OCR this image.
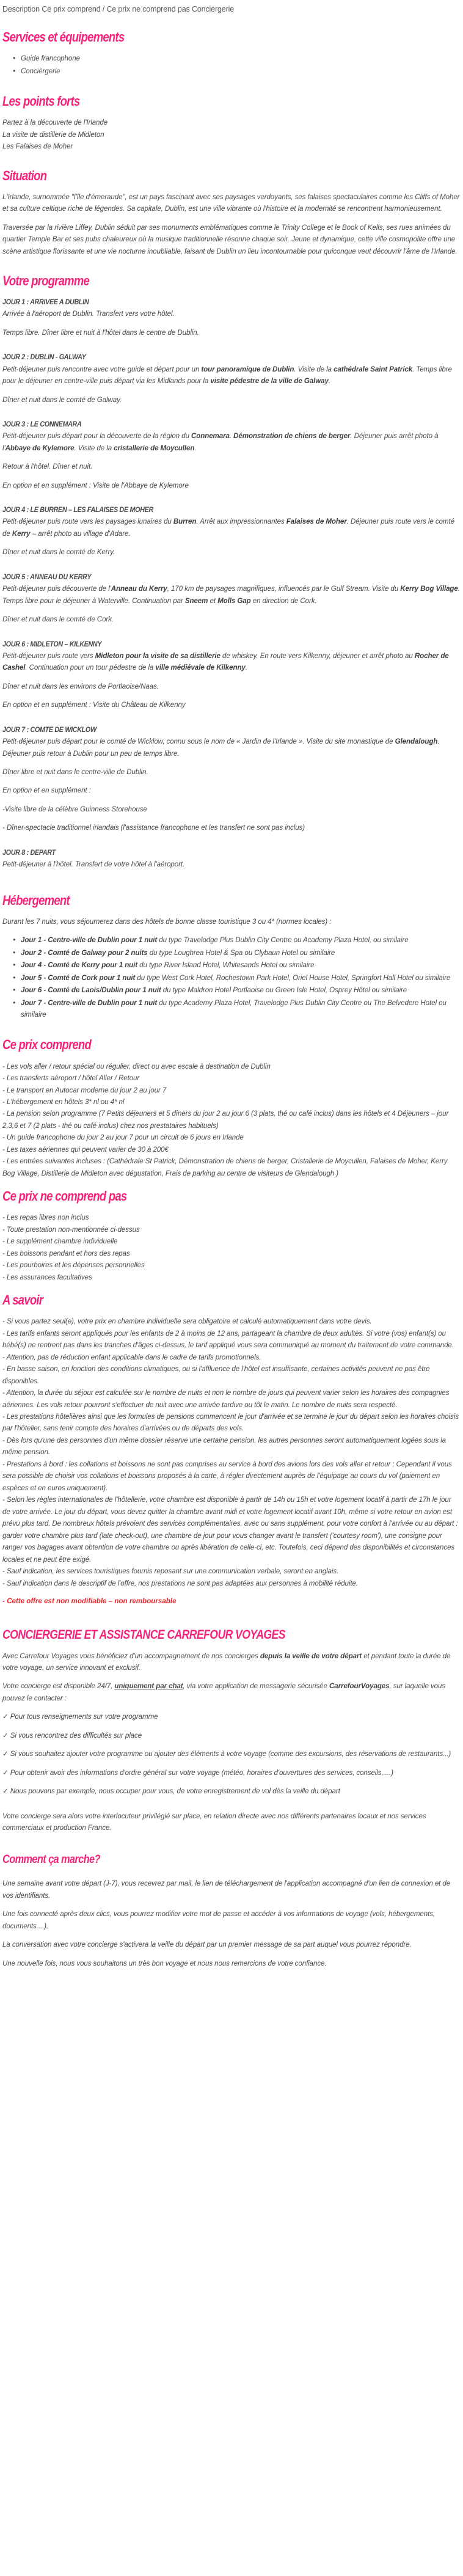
Description Ce prix comprend / Ce prix ne comprend pas Conciergerie
Services et équipements
• Guide francophone
• Concièrgerie
Les points forts

Partez à la découverte de l'Irlande

La visite de distillerie de Midleton

Les Falaises de Moher

Situation

L'Irlande, surnommée "l'île d'émeraude", est un pays fascinant avec ses paysages verdoyants, ses falaises spectaculaires comme les Cliffs of Moher et sa culture celtique riche de légendes. Sa capitale, Dublin, est une ville vibrante où l'histoire et la modernité se rencontrent harmonieusement.

Traversée par la rivière Liffey, Dublin séduit par ses monuments emblématiques comme le Trinity College et le Book of Kells, ses rues animées du quartier Temple Bar et ses pubs chaleureux où la musique traditionnelle résonne chaque soir. Jeune et dynamique, cette ville cosmopolite offre une scène artistique florissante et une vie nocturne inoubliable, faisant de Dublin un lieu incontournable pour quiconque veut découvrir l'âme de l'Irlande.

Votre programme
JOUR 1 : ARRIVEE A DUBLIN

Arrivée à l'aéroport de Dublin. Transfert vers votre hôtel.

Temps libre. Dîner libre et nuit à l'hôtel dans le centre de Dublin.

JOUR 2 : DUBLIN - GALWAY

Petit-déjeuner puis rencontre avec votre guide et départ pour un tour panoramique de Dublin. Visite de la cathédrale Saint Patrick. Temps libre pour le déjeuner en centre-ville puis départ via les Midlands pour la visite pédestre de la ville de Galway.

Dîner et nuit dans le comté de Galway.

JOUR 3 : LE CONNEMARA

Petit-déjeuner puis départ pour la découverte de la région du Connemara. Démonstration de chiens de berger. Déjeuner puis arrêt photo à l'Abbaye de Kylemore. Visite de la cristallerie de Moycullen.

Retour à l'hôtel. Dîner et nuit.

En option et en supplément : Visite de l'Abbaye de Kylemore

JOUR 4 : LE BURREN – LES FALAISES DE MOHER

Petit-déjeuner puis route vers les paysages lunaires du Burren. Arrêt aux impressionnantes Falaises de Moher. Déjeuner puis route vers le comté de Kerry – arrêt photo au village d'Adare.

Dîner et nuit dans le comté de Kerry.

JOUR 5 : ANNEAU DU KERRY

Petit-déjeuner puis découverte de l'Anneau du Kerry, 170 km de paysages magnifiques, influencés par le Gulf Stream. Visite du Kerry Bog Village. Temps libre pour le déjeuner à Waterville. Continuation par Sneem et Molls Gap en direction de Cork.

Dîner et nuit dans le comté de Cork.

JOUR 6 : MIDLETON – KILKENNY

Petit-déjeuner puis route vers Midleton pour la visite de sa distillerie de whiskey. En route vers Kilkenny, déjeuner et arrêt photo au Rocher de Cashel. Continuation pour un tour pédestre de la ville médiévale de Kilkenny.

Dîner et nuit dans les environs de Portlaoise/Naas.

En option et en supplément : Visite du Château de Kilkenny

JOUR 7 : COMTE DE WICKLOW

Petit-déjeuner puis départ pour le comté de Wicklow, connu sous le nom de « Jardin de l'Irlande ». Visite du site monastique de Glendalough. Déjeuner puis retour à Dublin pour un peu de temps libre.

Dîner libre et nuit dans le centre-ville de Dublin.

En option et en supplément :

-Visite libre de la célèbre Guinness Storehouse

- Dîner-spectacle traditionnel irlandais (l'assistance francophone et les transfert ne sont pas inclus)

JOUR 8 : DEPART

Petit-déjeuner à l'hôtel. Transfert de votre hôtel à l'aéroport.

Hébergement

Durant les 7 nuits, vous séjournerez dans des hôtels de bonne classe touristique 3 ou 4* (normes locales) :

• Jour 1 - Centre-ville de Dublin pour 1 nuit du type Travelodge Plus Dublin City Centre ou Academy Plaza Hotel, ou similaire
• Jour 2 - Comté de Galway pour 2 nuits du type Loughrea Hotel & Spa ou Clybaun Hotel ou similaire
• Jour 4 - Comté de Kerry pour 1 nuit du type River Island Hotel, Whitesands Hotel ou similaire
• Jour 5 - Comté de Cork pour 1 nuit du type West Cork Hotel, Rochestown Park Hotel, Oriel House Hotel, Springfort Hall Hotel ou similaire
• Jour 6 - Comté de Laois/Dublin pour 1 nuit du type Maldron Hotel Portlaoise ou Green Isle Hotel, Osprey Hôtel ou similaire
• Jour 7 - Centre-ville de Dublin pour 1 nuit du type Academy Plaza Hotel, Travelodge Plus Dublin City Centre ou The Belvedere Hotel ou similaire
Ce prix comprend

- Les vols aller / retour spécial ou régulier, direct ou avec escale à destination de Dublin

- Les transferts aéroport / hôtel Aller / Retour

- Le transport en Autocar moderne du jour 2 au jour 7

- L'hébergement en hôtels 3* nl ou 4* nl

- La pension selon programme (7 Petits déjeuners et 5 dîners du jour 2 au jour 6 (3 plats, thé ou café inclus) dans les hôtels et 4 Déjeuners – jour 2,3,6 et 7 (2 plats - thé ou café inclus) chez nos prestataires habituels)

- Un guide francophone du jour 2 au jour 7 pour un circuit de 6 jours en Irlande

- Les taxes aériennes qui peuvent varier de 30 à 200€

- Les entrées suivantes incluses : (Cathédrale St Patrick, Démonstration de chiens de berger, Cristallerie de Moycullen, Falaises de Moher, Kerry Bog Village, Distillerie de Midleton avec dégustation, Frais de parking au centre de visiteurs de Glendalough )

Ce prix ne comprend pas

- Les repas libres non inclus

- Toute prestation non-mentionnée ci-dessus

- Le supplément chambre individuelle

- Les boissons pendant et hors des repas

- Les pourboires et les dépenses personnelles

- Les assurances facultatives

A savoir

- Si vous partez seul(e), votre prix en chambre individuelle sera obligatoire et calculé automatiquement dans votre devis.

- Les tarifs enfants seront appliqués pour les enfants de 2 à moins de 12 ans, partageant la chambre de deux adultes. Si votre (vos) enfant(s) ou bébé(s) ne rentrent pas dans les tranches d'âges ci-dessus, le tarif appliqué vous sera communiqué au moment du traitement de votre commande.

- Attention, pas de réduction enfant applicable dans le cadre de tarifs promotionnels.

- En basse saison, en fonction des conditions climatiques, ou si l'affluence de l'hôtel est insuffisante, certaines activités peuvent ne pas être disponibles.

- Attention, la durée du séjour est calculée sur le nombre de nuits et non le nombre de jours qui peuvent varier selon les horaires des compagnies aériennes. Les vols retour pourront s'effectuer de nuit avec une arrivée tardive ou tôt le matin. Le nombre de nuits sera respecté.

- Les prestations hôtelières ainsi que les formules de pensions commencent le jour d'arrivée et se termine le jour du départ selon les horaires choisis par l'hôtelier, sans tenir compte des horaires d'arrivées ou de départs des vols.

- Dès lors qu'une des personnes d'un même dossier réserve une certaine pension, les autres personnes seront automatiquement logées sous la même pension.

- Prestations à bord : les collations et boissons ne sont pas comprises au service à bord des avions lors des vols aller et retour ; Cependant il vous sera possible de choisir vos collations et boissons proposés à la carte, à régler directement auprès de l'équipage au cours du vol (paiement en espèces et en euros uniquement).

- Selon les règles internationales de l'hôtellerie, votre chambre est disponible à partir de 14h ou 15h et votre logement locatif à partir de 17h le jour de votre arrivée. Le jour du départ, vous devez quitter la chambre avant midi et votre logement locatif avant 10h, même si votre retour en avion est prévu plus tard. De nombreux hôtels prévoient des services complémentaires, avec ou sans supplément, pour votre confort à l'arrivée ou au départ : garder votre chambre plus tard (late check-out), une chambre de jour pour vous changer avant le transfert ('courtesy room'), une consigne pour ranger vos bagages avant obtention de votre chambre ou après libération de celle-ci, etc. Toutefois, ceci dépend des disponibilités et circonstances locales et ne peut être exigé.

- Sauf indication, les services touristiques fournis reposant sur une communication verbale, seront en anglais.

- Sauf indication dans le descriptif de l'offre, nos prestations ne sont pas adaptées aux personnes à mobilité réduite.

- Cette offre est non modifiable – non remboursable

CONCIERGERIE ET ASSISTANCE CARREFOUR VOYAGES

Avec Carrefour Voyages vous bénéficiez d'un accompagnement de nos concierges depuis la veille de votre départ et pendant toute la durée de votre voyage, un service innovant et exclusif.

Votre concierge est disponible 24/7, uniquement par chat, via votre application de messagerie sécurisée CarrefourVoyages, sur laquelle vous pouvez le contacter :

✓ Pour tous renseignements sur votre programme

✓ Si vous rencontrez des difficultés sur place

✓ Si vous souhaitez ajouter votre programme ou ajouter des éléments à votre voyage (comme des excursions, des réservations de restaurants...)

✓ Pour obtenir avoir des informations d'ordre général sur votre voyage (météo, horaires d'ouvertures des services, conseils,....)

✓ Nous pouvons par exemple, nous occuper pour vous, de votre enregistrement de vol dès la veille du départ

Votre concierge sera alors votre interlocuteur privilégié sur place, en relation directe avec nos différents partenaires locaux et nos services commerciaux et production France.

Comment ça marche?

Une semaine avant votre départ (J-7), vous recevrez par mail, le lien de téléchargement de l'application accompagné d'un lien de connexion et de vos identifiants.

Une fois connecté après deux clics, vous pourrez modifier votre mot de passe et accéder à vos informations de voyage (vols, hébergements, documents....).

La conversation avec votre concierge s'activera la veille du départ par un premier message de sa part auquel vous pourrez répondre.

Une nouvelle fois, nous vous souhaitons un très bon voyage et nous nous remercions de votre confiance.
